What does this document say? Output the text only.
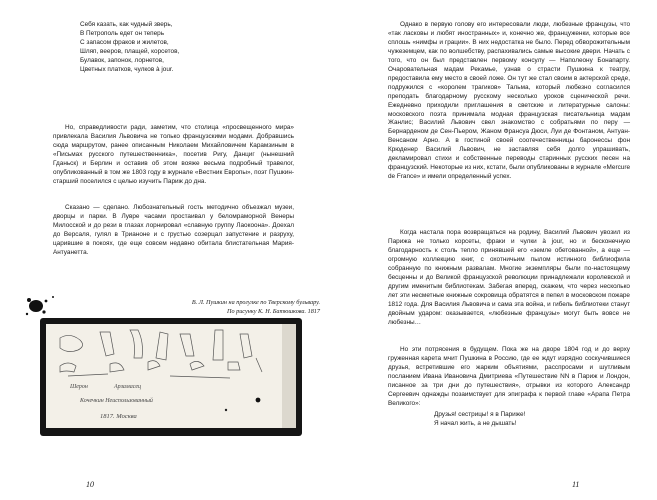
Себя казать, как чудный зверь,
В Петрополь едет он теперь
С запасом фраков и жилетов,
Шляп, вееров, плащей, корсетов,
Булавок, запонок, лорнетов,
Цветных платков, чулков à jour.

Но, справедливости ради, заметим, что столица «просвещенного мира» привлекала Василия Львовича не только французскими модами. Добравшись сюда маршрутом, ранее описанным Николаем Михайловичем Карамзиным в «Письмах русского путешественника», посетив Ригу, Данциг (нынешний Гданьск) и Берлин и оставив об этом вояже весьма подробный травелог, опубликованный в том же 1803 году в журнале «Вестник Европы», поэт Пушкин-старший поселился с целью изучить Париж до дна.

Сказано — сделано. Любознательный гость методично объезжал музеи, дворцы и парки. В Лувре часами простаивал у беломраморной Венеры Милосской и до рези в глазах лорнировал «славную группу Лаокоона». Доехал до Версаля, гулял в Трианоне и с грустью созерцал запустение и разруху, царившие в покоях, где еще совсем недавно обитала блистательная Мария-Антуанетта.

В. Л. Пушкин на прогулке по Тверскому бульвару.
По рисунку К. Н. Батюшкова. 1817
Шерон	Арзамасец
Кочечкин Неиспользованный
1817. Москва
10

Однако в первую голову его интересовали люди, любезные французы, что «так ласковы и любят иностранных» и, конечно же, француженки, которые все сплошь «нимфы и грации». В них недостатка не было. Перед обворожительным чужеземцем, как по волшебству, распахивались самые высокие двери. Начать с того, что он был представлен первому консулу — Наполеону Бонапарту. Очаровательная мадам Рекамье, узнав о страсти Пушкина к театру, предоставила ему место в своей ложе. Он тут же стал своим в актерской среде, подружился с «королем трагиков» Тальма, который любезно согласился преподать благодарному русскому несколько уроков сценической речи. Ежедневно приходили приглашения в светские и литературные салоны: московского поэта принимала модная французская писательница мадам Жанлис; Василий Львович свел знакомство с собратьями по перу — Бернарденом де Сен-Пьером, Жаном Франсуа Дюси, Луи де Фонтаном, Антуан-Венсаном Арно. А в гостиной своей соотечественницы баронессы фон Крюденер Василий Львович, не заставляя себя долго упрашивать, декламировал стихи и собственные переводы старинных русских песен на французский. Некоторые из них, кстати, были опубликованы в журнале «Mercure de France» и имели определенный успех.

Когда настала пора возвращаться на родину, Василий Львович увозил из Парижа не только корсеты, фраки и чулки à jour, но и бесконечную благодарность к столь тепло принявшей его «земле обетованной», а еще — огромную коллекцию книг, с охотничьим пылом истинного библиофила собранную по книжным развалам. Многие экземпляры были по-настоящему бесценны и до Великой французской революции принадлежали королевской и другим именитым библиотекам. Забегая вперед, скажем, что через несколько лет эти несметные книжные сокровища обратятся в пепел в московском пожаре 1812 года. Для Василия Львовича и сама эта война, и гибель библиотеки станут двойным ударом: оказывается, «любезные французы» могут быть вовсе не любезны…

Но эти потрясения в будущем. Пока же на дворе 1804 год и до верху груженная карета мчит Пушкина в Россию, где ее ждут изрядно соскучившиеся друзья, встретившие его жарким объятиями, расспросами и шутливым посланием Ивана Ивановича Дмитриева «Путешествие NN в Париж и Лондон, писанное за три дни до путешествия», отрывки из которого Александр Сергеевич однажды позаимствует для эпиграфа к первой главе «Арапа Петра Великого»:

Друзья! сестрицы! я в Париже!
Я начал жить, а не дышать!
11
